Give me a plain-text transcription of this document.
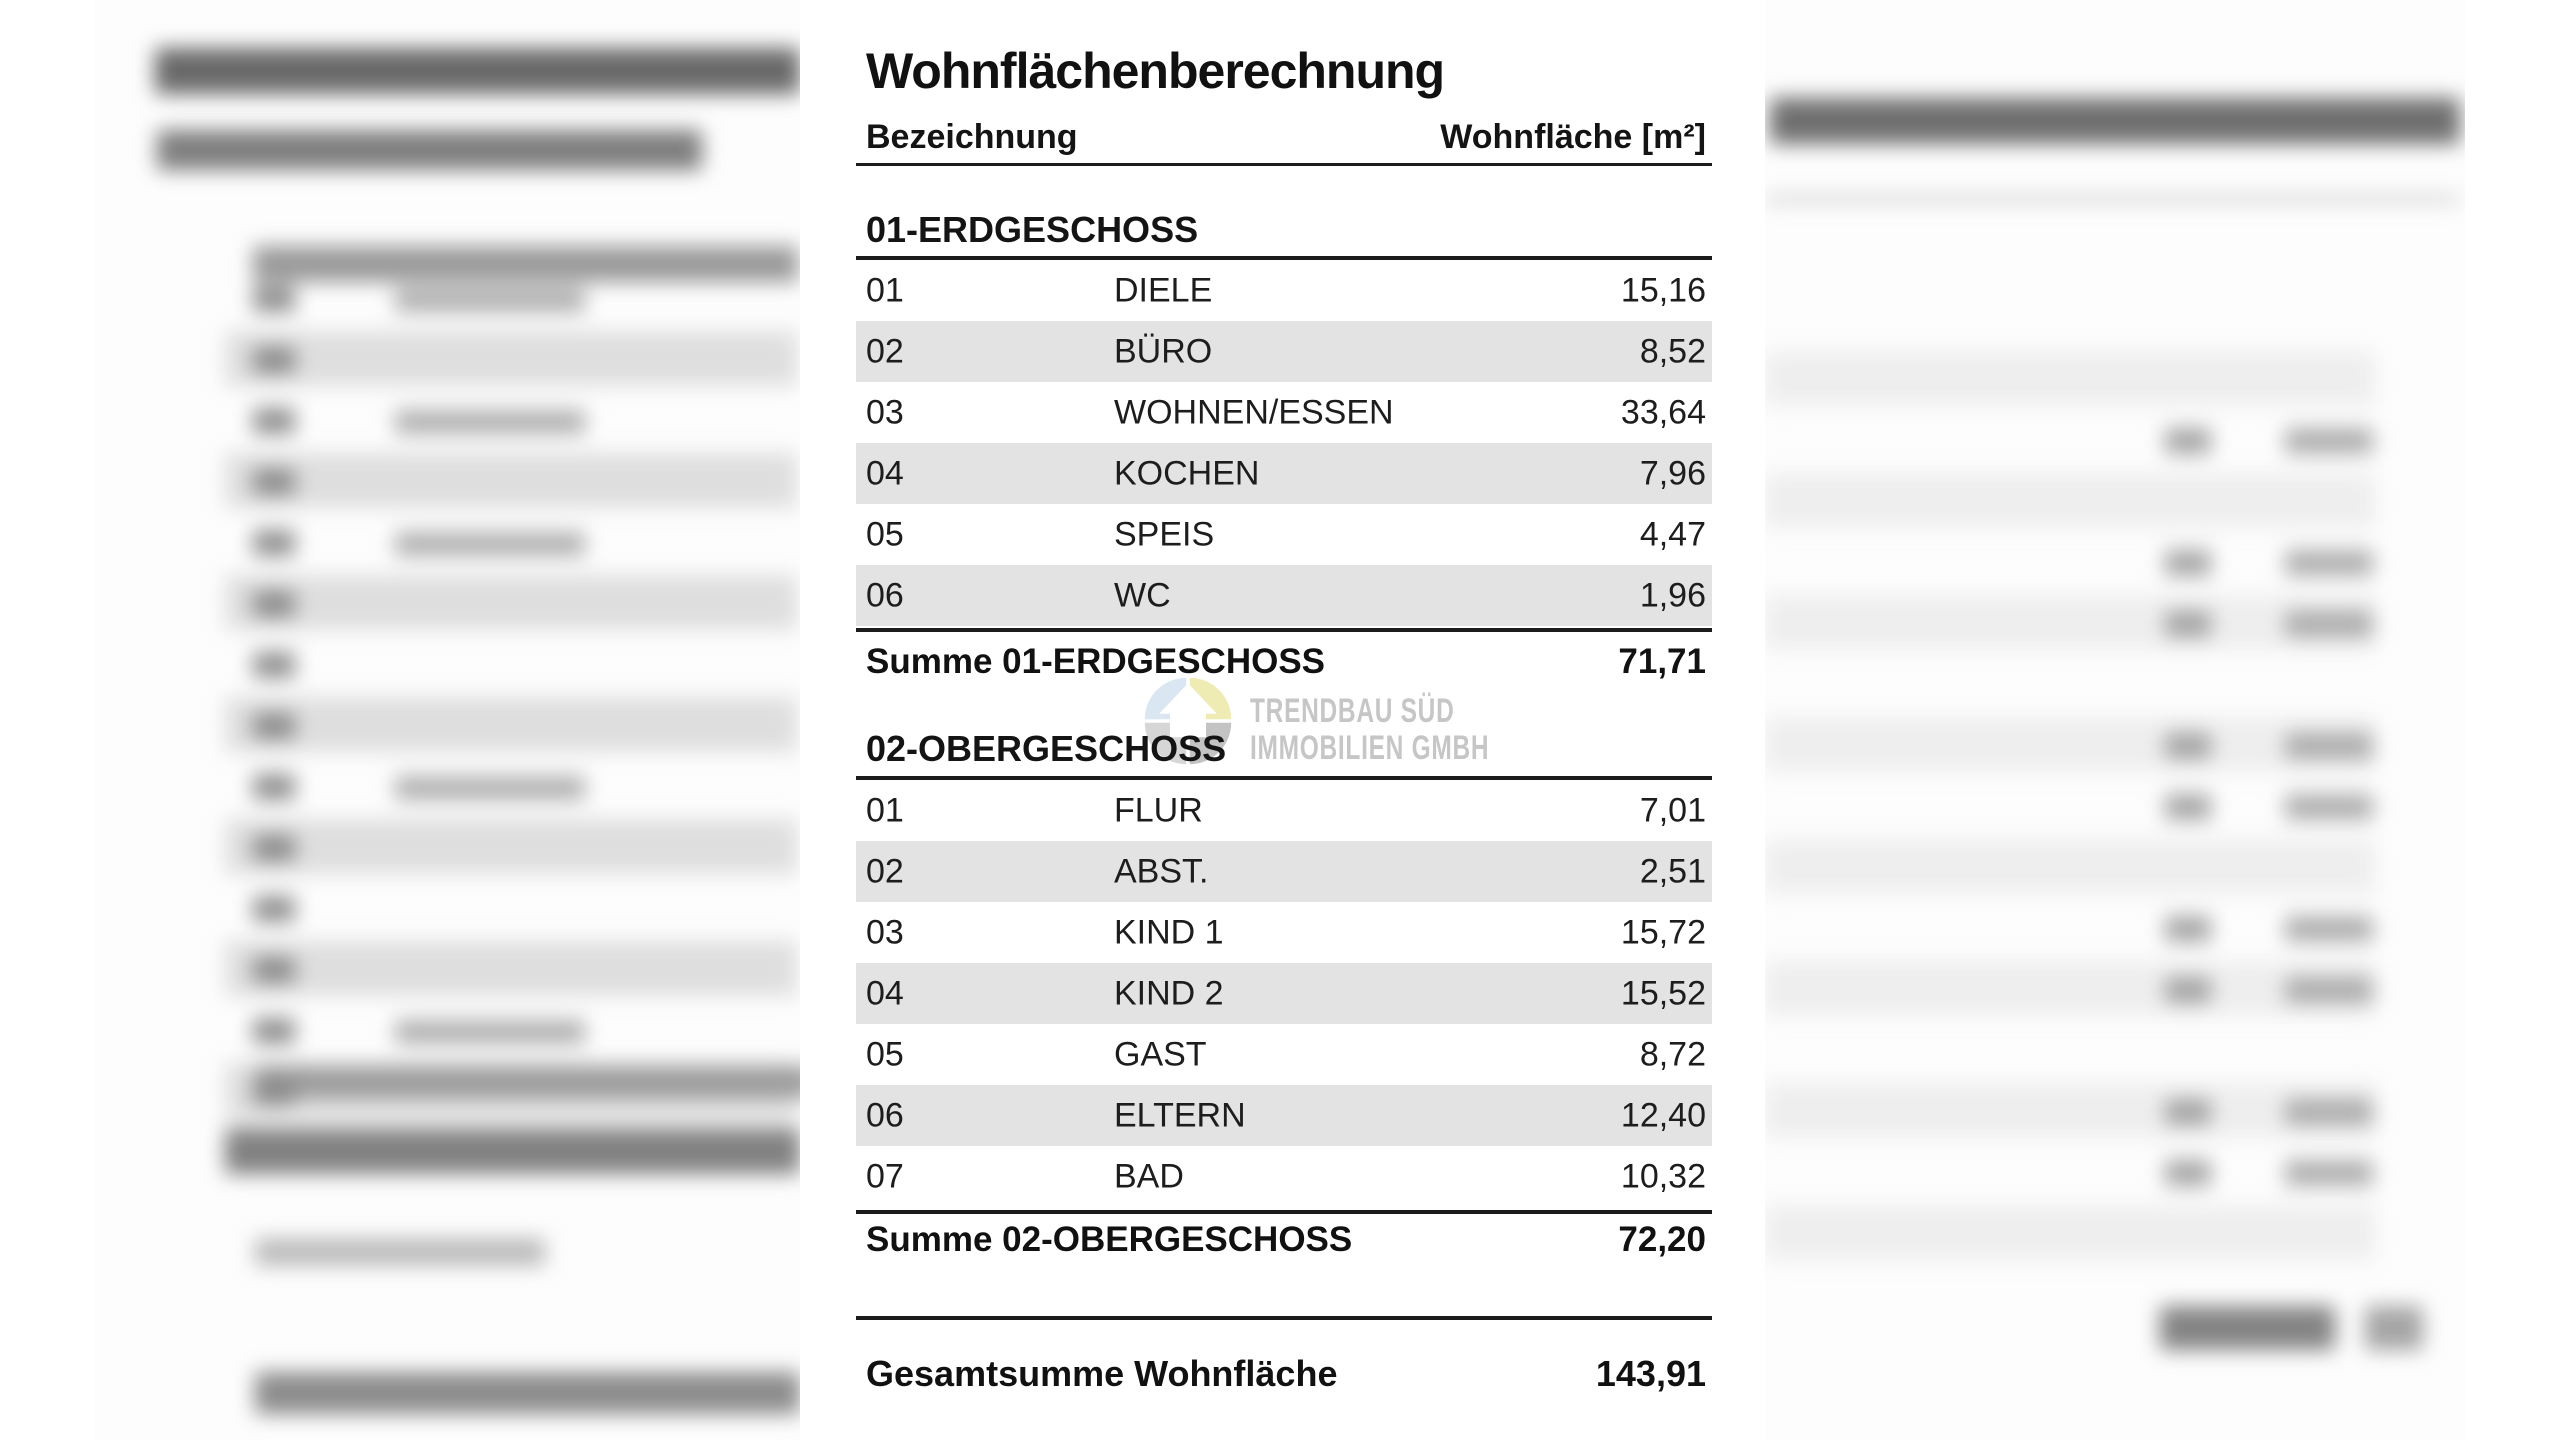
TRENDBAU SÜD
IMMOBILIEN GMBH
Wohnflächenberechnung
Bezeichnung	Wohnfläche [m²]
01-ERDGESCHOSS
01	DIELE	15,16
02	BÜRO	8,52
03	WOHNEN/ESSEN	33,64
04	KOCHEN	7,96
05	SPEIS	4,47
06	WC	1,96
Summe 01-ERDGESCHOSS	71,71
02-OBERGESCHOSS
01	FLUR	7,01
02	ABST.	2,51
03	KIND 1	15,72
04	KIND 2	15,52
05	GAST	8,72
06	ELTERN	12,40
07	BAD	10,32
Summe 02-OBERGESCHOSS	72,20
Gesamtsumme Wohnfläche	143,91
